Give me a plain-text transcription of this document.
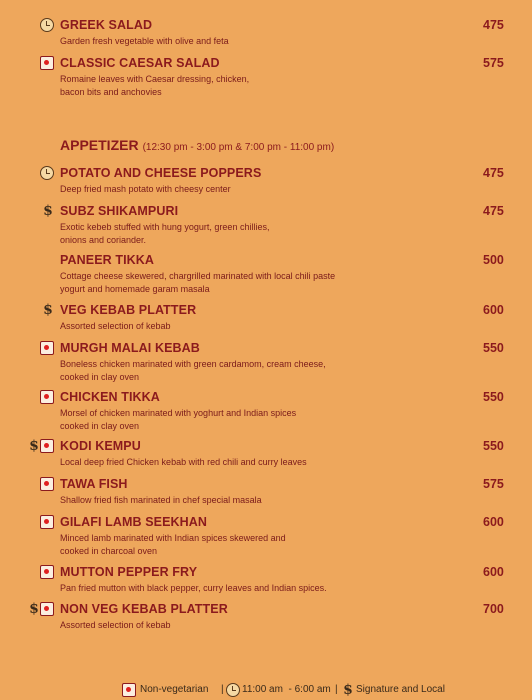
GREEK SALAD	475
Garden fresh vegetable with olive and feta
CLASSIC CAESAR SALAD	575
Romaine leaves with Caesar dressing, chicken,
bacon bits and anchovies
POTATO AND CHEESE POPPERS	475
Deep fried mash potato with cheesy center
$ SUBZ SHIKAMPURI	475
Exotic kebeb stuffed with hung yogurt, green chillies,
onions and coriander.
PANEER TIKKA	500
Cottage cheese skewered, chargrilled marinated with local chili paste
yogurt and homemade garam masala
$ VEG KEBAB PLATTER	600
Assorted selection of kebab
MURGH MALAI KEBAB	550
Boneless chicken marinated with green cardamom, cream cheese,
cooked in clay oven
CHICKEN TIKKA	550
Morsel of chicken marinated with yoghurt and Indian spices
cooked in clay oven
$ KODI KEMPU	550
Local deep fried Chicken kebab with red chili and curry leaves
TAWA FISH	575
Shallow fried fish marinated in chef special masala
GILAFI LAMB SEEKHAN	600
Minced lamb marinated with Indian spices skewered and
cooked in charcoal oven
MUTTON PEPPER FRY	600
Pan fried mutton with black pepper, curry leaves and Indian spices.
$ NON VEG KEBAB PLATTER	700
Assorted selection of kebab
APPETIZER (12:30 pm - 3:00 pm & 7:00 pm - 11:00 pm)
Non-vegetarian | 11:00 am  - 6:00 am | $ Signature and Local
